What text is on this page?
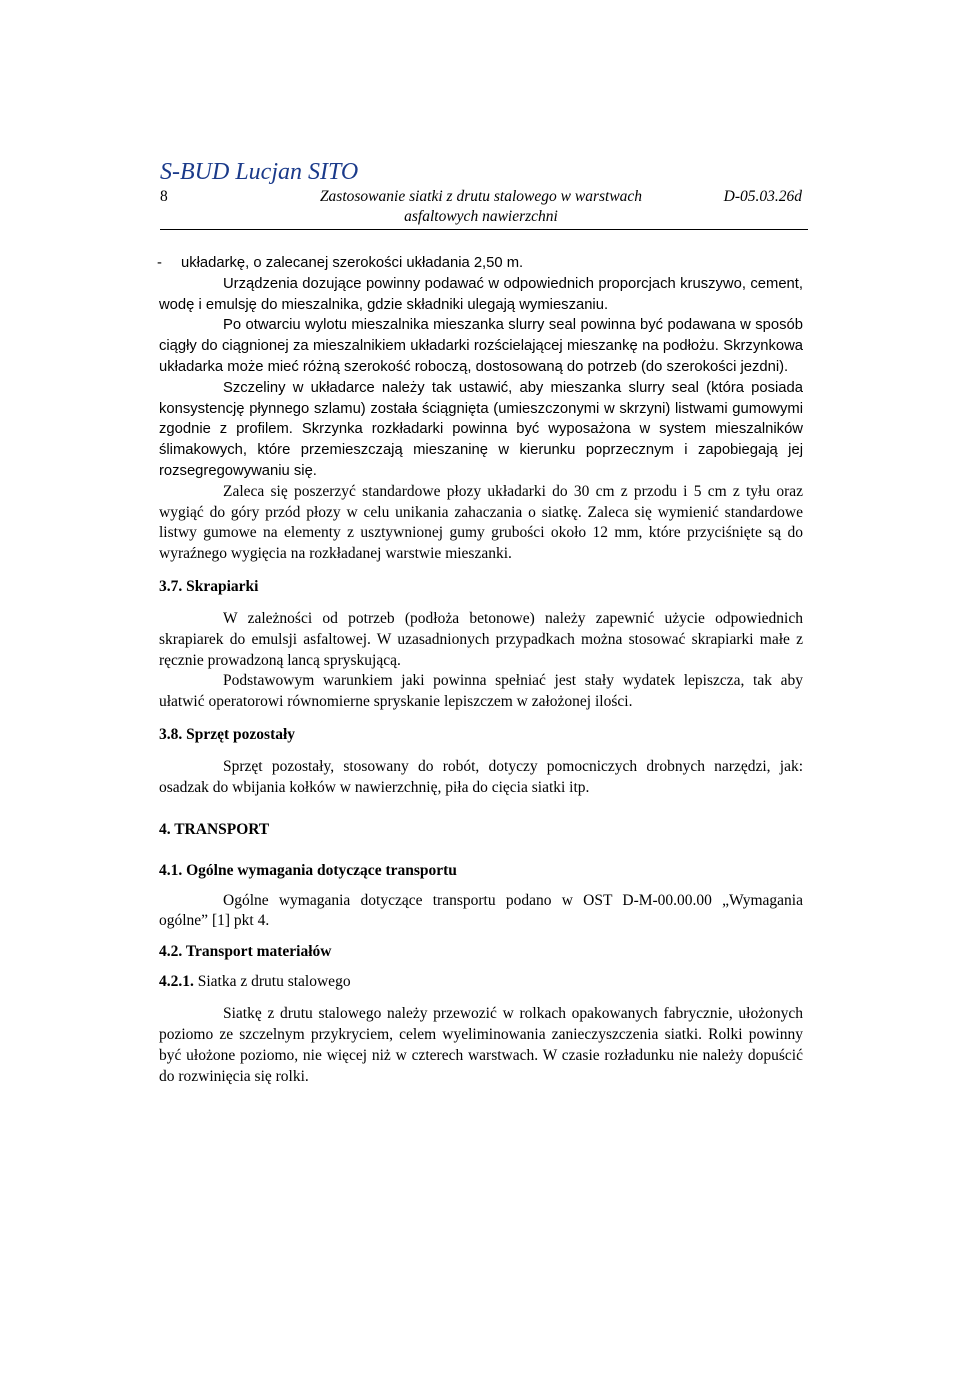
S-BUD Lucjan SITO
8	Zastosowanie siatki z drutu stalowego w warstwach
asfaltowych nawierzchni
D-05.03.26d

- układarkę, o zalecanej szerokości układania 2,50 m.

Urządzenia dozujące powinny podawać w odpowiednich proporcjach kruszywo, cement, wodę i emulsję do mieszalnika, gdzie składniki ulegają wymieszaniu.

Po otwarciu wylotu mieszalnika mieszanka slurry seal powinna być podawana w sposób ciągły do ciągnionej za mieszalnikiem układarki rozścielającej mieszankę na podłożu. Skrzynkowa układarka może mieć różną szerokość roboczą, dostosowaną do potrzeb (do szerokości jezdni).

Szczeliny w układarce należy tak ustawić, aby mieszanka slurry seal (która posiada konsystencję płynnego szlamu) została ściągnięta (umieszczonymi w skrzyni) listwami gumowymi zgodnie z profilem. Skrzynka rozkładarki powinna być wyposażona w system mieszalników ślimakowych, które przemieszczają mieszaninę w kierunku poprzecznym i zapobiegają jej rozsegregowywaniu się.

Zaleca się poszerzyć standardowe płozy układarki do 30 cm z przodu i 5 cm z tyłu oraz wygiąć do góry przód płozy w celu unikania zahaczania o siatkę. Zaleca się wymienić standardowe listwy gumowe na elementy z usztywnionej gumy grubości około 12 mm, które przyciśnięte są do wyraźnego wygięcia na rozkładanej warstwie mieszanki.

3.7. Skrapiarki

W zależności od potrzeb (podłoża betonowe) należy zapewnić użycie odpowiednich skrapiarek do emulsji asfaltowej. W uzasadnionych przypadkach można stosować skrapiarki małe z ręcznie prowadzoną lancą spryskującą.

Podstawowym warunkiem jaki powinna spełniać jest stały wydatek lepiszcza, tak aby ułatwić operatorowi równomierne spryskanie lepiszczem w założonej ilości.

3.8. Sprzęt pozostały

Sprzęt pozostały, stosowany do robót, dotyczy pomocniczych drobnych narzędzi, jak: osadzak do wbijania kołków w nawierzchnię, piła do cięcia siatki itp.

4. TRANSPORT
4.1. Ogólne wymagania dotyczące transportu

Ogólne wymagania dotyczące transportu podano w OST D-M-00.00.00 „Wymagania ogólne” [1] pkt 4.

4.2. Transport materiałów
4.2.1. Siatka z drutu stalowego

Siatkę z drutu stalowego należy przewozić w rolkach opakowanych fabrycznie, ułożonych poziomo ze szczelnym przykryciem, celem wyeliminowania zanieczyszczenia siatki. Rolki powinny być ułożone poziomo, nie więcej niż w czterech warstwach. W czasie rozładunku nie należy dopuścić do rozwinięcia się rolki.
